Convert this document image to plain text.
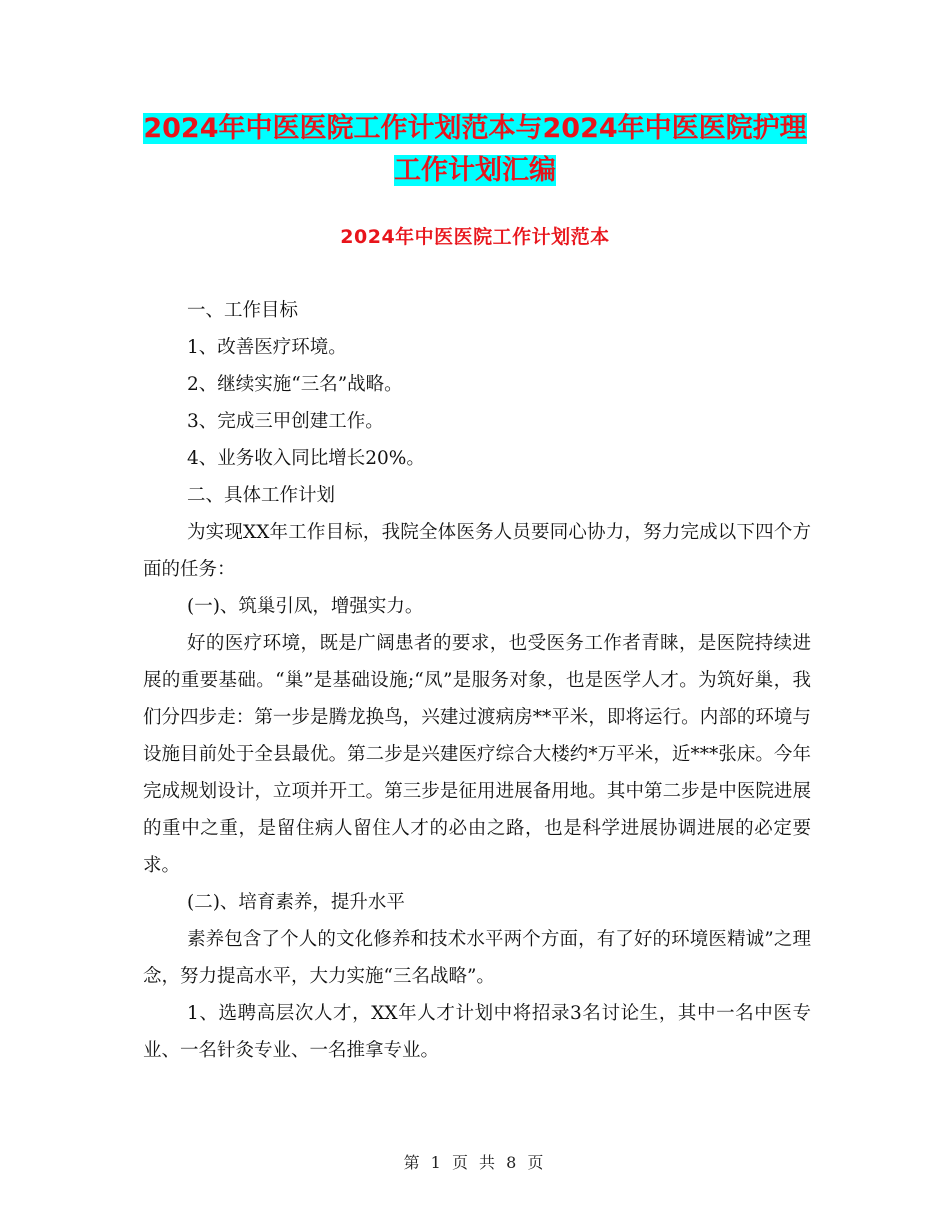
2024年中医医院工作计划范本与2024年中医医院护理
工作计划汇编
2024年中医医院工作计划范本

一、工作目标

1、改善医疗环境。

2、继续实施“三名”战略。

3、完成三甲创建工作。

4、业务收入同比增长20%。

二、具体工作计划

为实现XX年工作目标，我院全体医务人员要同心协力，努力完成以下四个方面的任务：

(一)、筑巢引凤，增强实力。

好的医疗环境，既是广阔患者的要求，也受医务工作者青睐，是医院持续进展的重要基础。“巢”是基础设施;“凤”是服务对象，也是医学人才。为筑好巢，我们分四步走：第一步是腾龙换鸟，兴建过渡病房**平米，即将运行。内部的环境与设施目前处于全县最优。第二步是兴建医疗综合大楼约*万平米，近***张床。今年完成规划设计，立项并开工。第三步是征用进展备用地。其中第二步是中医院进展的重中之重，是留住病人留住人才的必由之路，也是科学进展协调进展的必定要求。

(二)、培育素养，提升水平

素养包含了个人的文化修养和技术水平两个方面，有了好的环境医精诚”之理念，努力提高水平，大力实施“三名战略”。

1、选聘高层次人才，XX年人才计划中将招录3名讨论生，其中一名中医专业、一名针灸专业、一名推拿专业。

第 1 页 共 8 页
